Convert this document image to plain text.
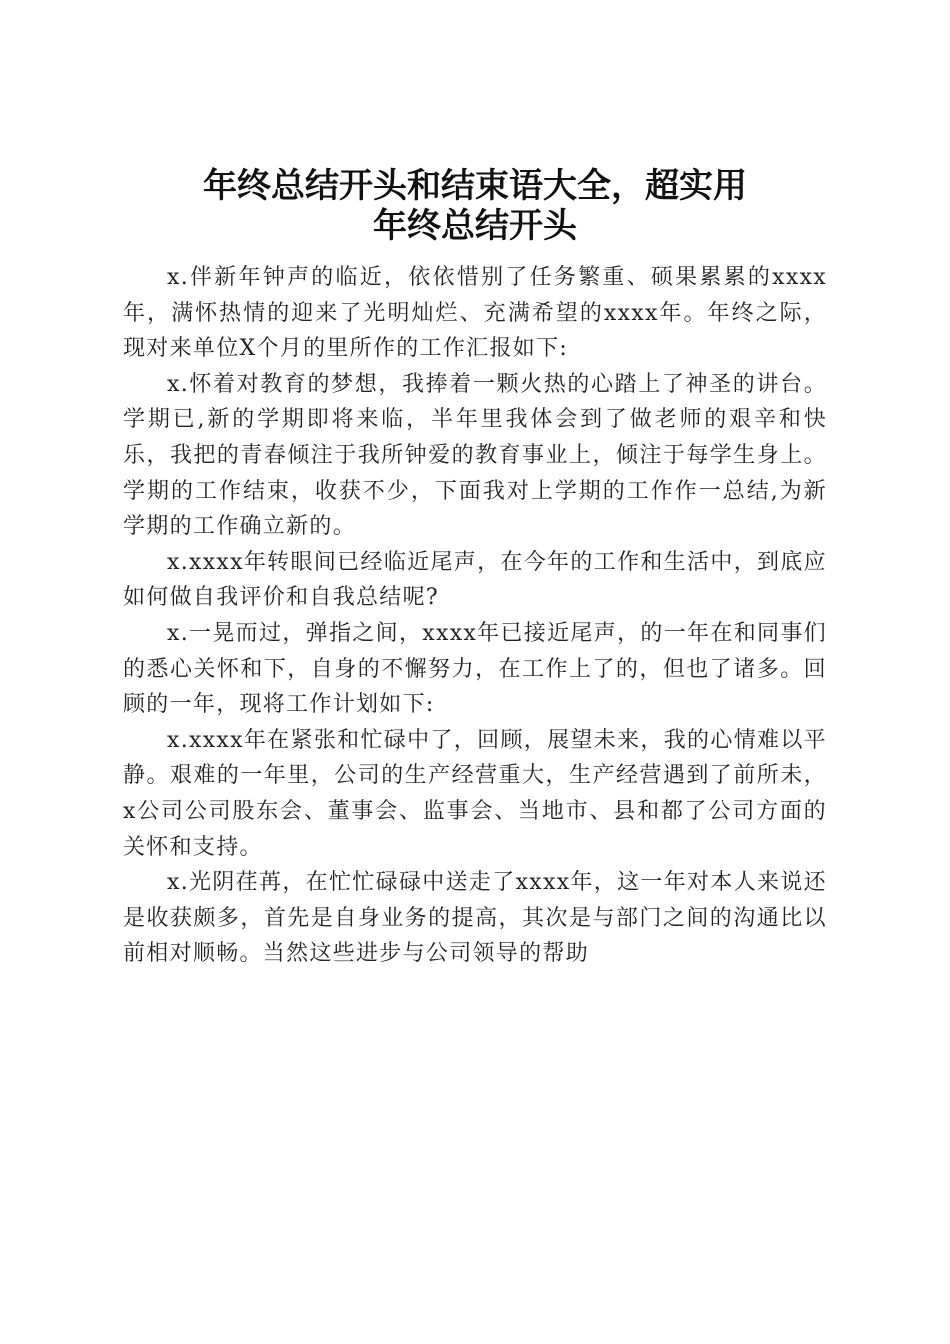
年终总结开头和结束语大全，超实用
年终总结开头

x.伴新年钟声的临近，依依惜别了任务繁重、硕果累累的xxxx年，满怀热情的迎来了光明灿烂、充满希望的xxxx年。年终之际，现对来单位X个月的里所作的工作汇报如下:

x.怀着对教育的梦想，我捧着一颗火热的心踏上了神圣的讲台。学期已,新的学期即将来临，半年里我体会到了做老师的艰辛和快乐，我把的青春倾注于我所钟爱的教育事业上，倾注于每学生身上。学期的工作结束，收获不少，下面我对上学期的工作作一总结,为新学期的工作确立新的。

x.xxxx年转眼间已经临近尾声，在今年的工作和生活中，到底应如何做自我评价和自我总结呢?

x.一晃而过，弹指之间，xxxx年已接近尾声，的一年在和同事们的悉心关怀和下，自身的不懈努力，在工作上了的，但也了诸多。回顾的一年，现将工作计划如下:

x.xxxx年在紧张和忙碌中了，回顾，展望未来，我的心情难以平静。艰难的一年里，公司的生产经营重大，生产经营遇到了前所未，x公司公司股东会、董事会、监事会、当地市、县和都了公司方面的关怀和支持。

x.光阴荏苒，在忙忙碌碌中送走了xxxx年，这一年对本人来说还是收获颇多，首先是自身业务的提高，其次是与部门之间的沟通比以前相对顺畅。当然这些进步与公司领导的帮助
